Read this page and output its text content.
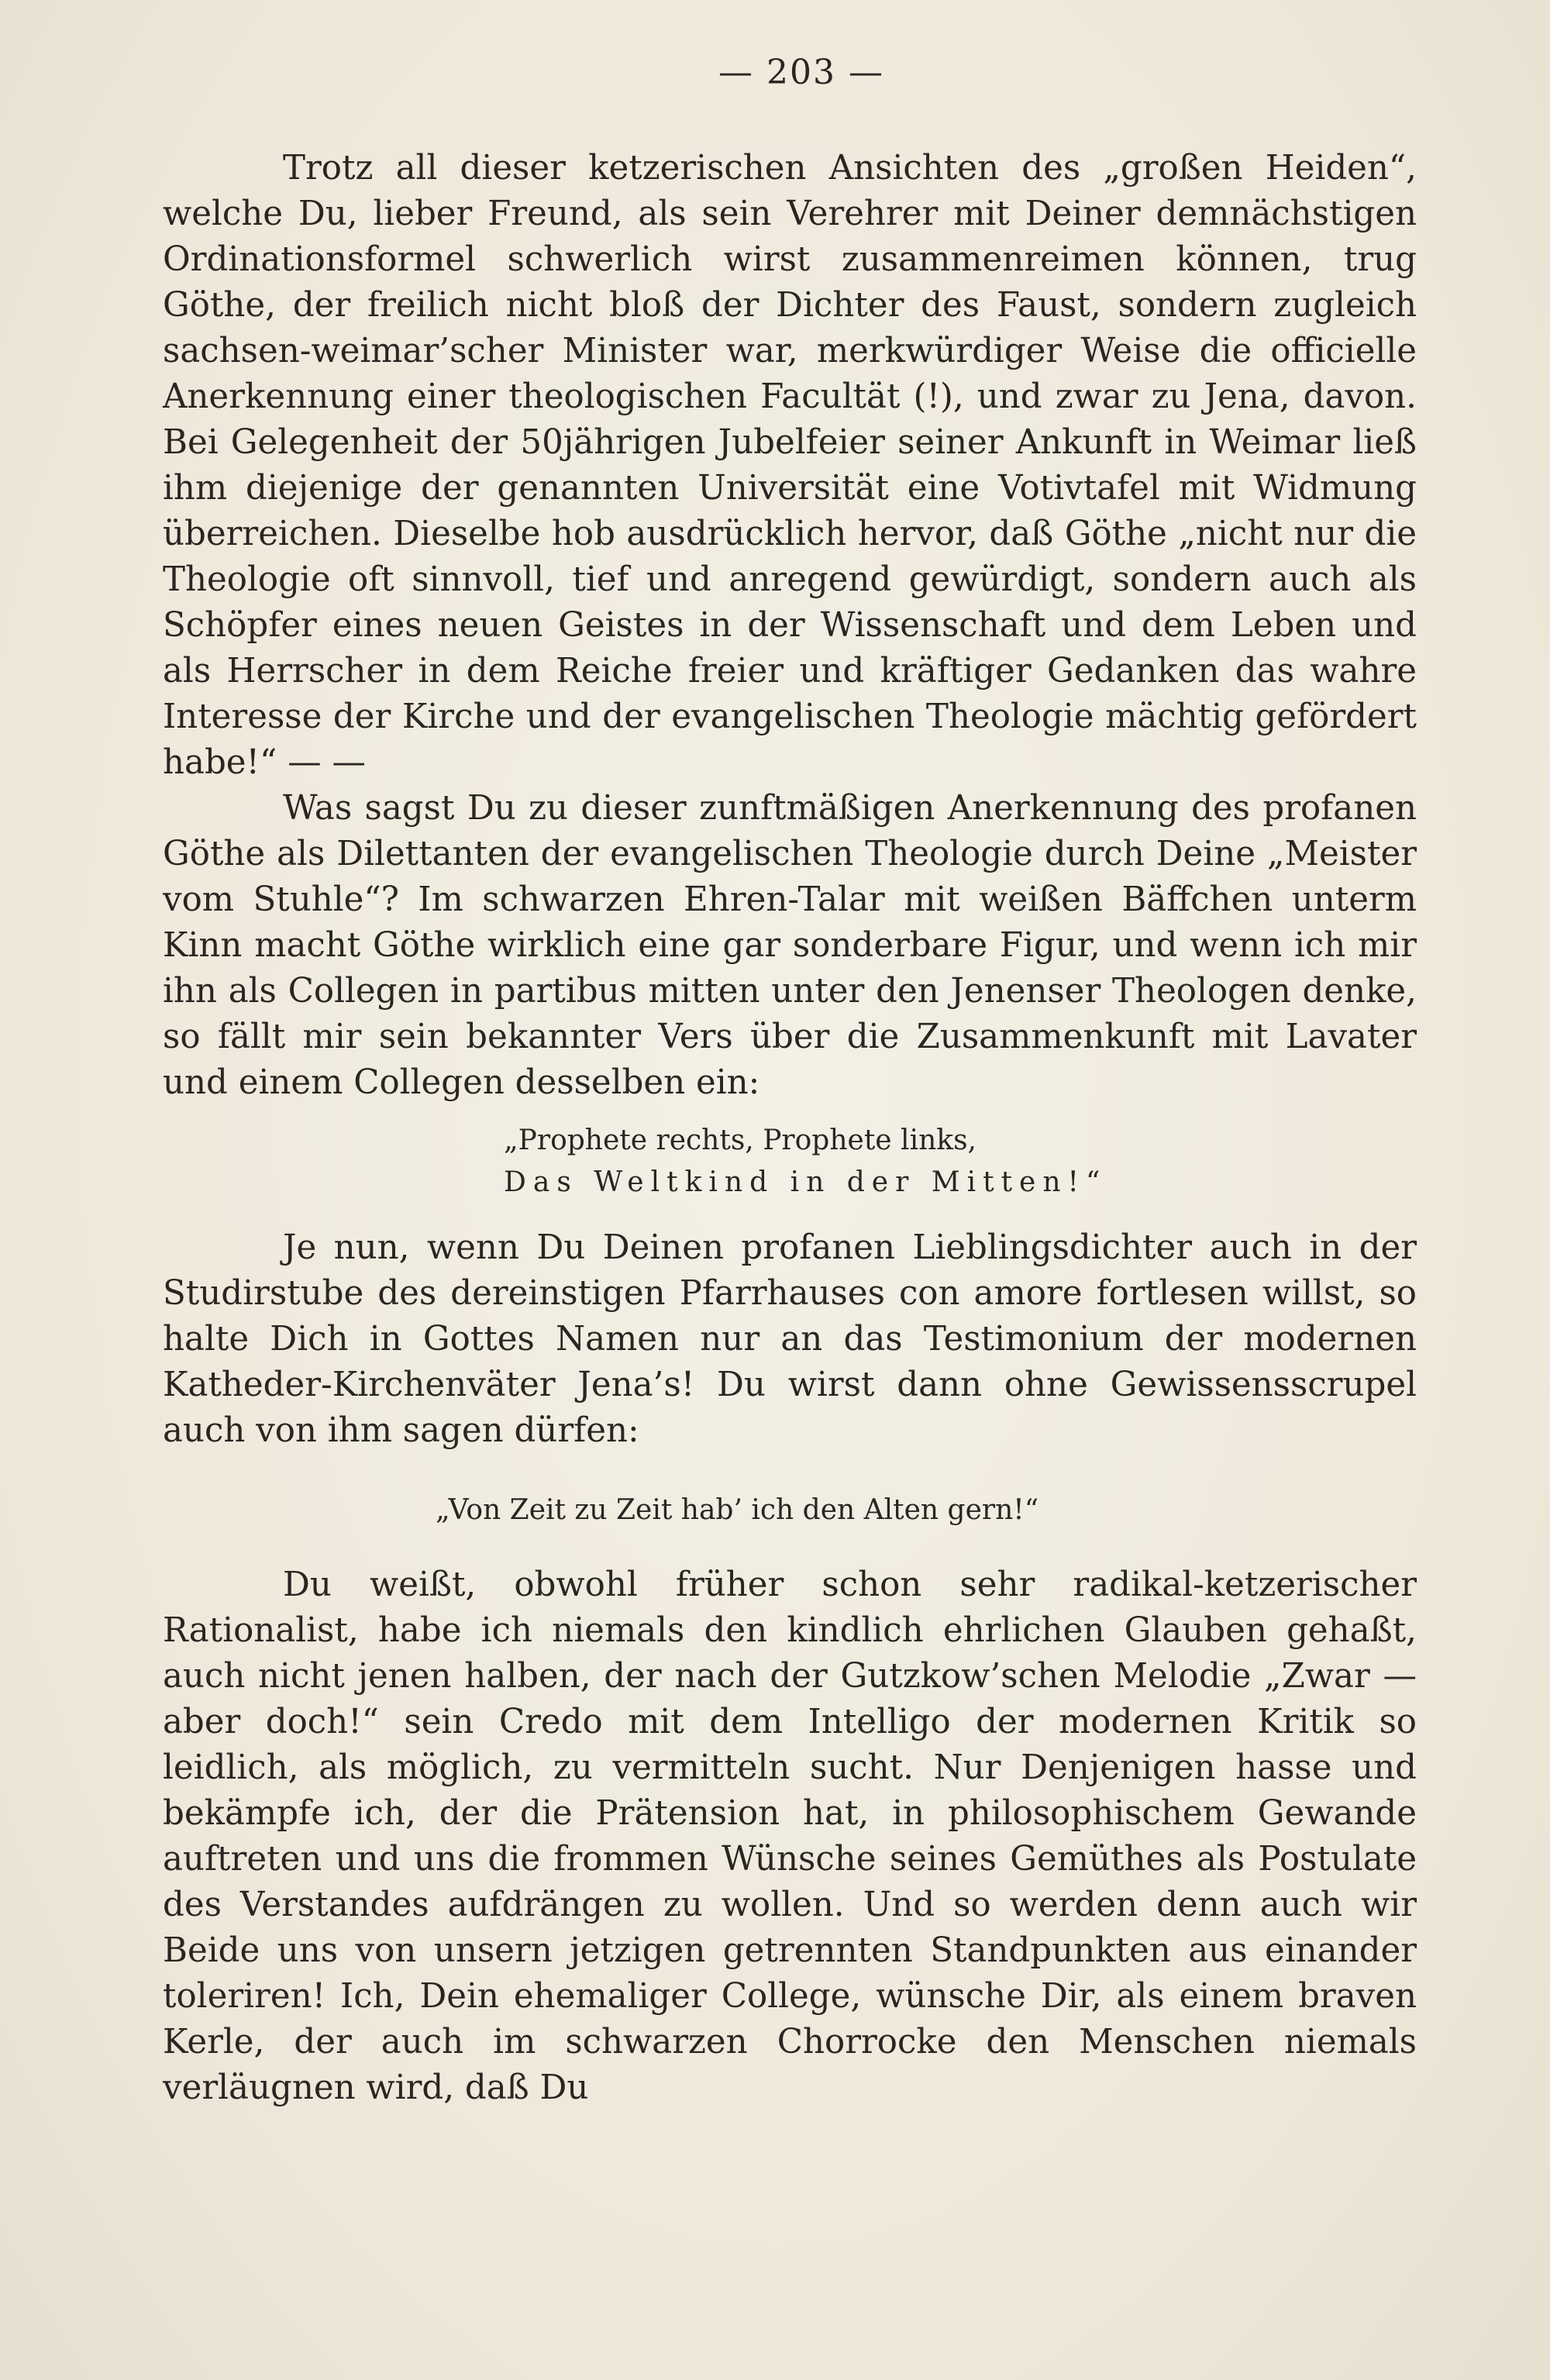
— 203 —

Trotz all dieser ketzerischen Ansichten des „großen Heiden“, welche Du, lieber Freund, als sein Verehrer mit Deiner demnächstigen Ordinationsformel schwerlich wirst zusammenreimen können, trug Göthe, der freilich nicht bloß der Dichter des Faust, sondern zugleich sachsen-weimar’scher Minister war, merkwürdiger Weise die officielle Anerkennung einer theologischen Facultät (!), und zwar zu Jena, davon. Bei Gelegenheit der 50jährigen Jubelfeier seiner Ankunft in Weimar ließ ihm diejenige der genannten Universität eine Votivtafel mit Widmung überreichen. Dieselbe hob ausdrücklich hervor, daß Göthe „nicht nur die Theologie oft sinnvoll, tief und anregend gewürdigt, sondern auch als Schöpfer eines neuen Geistes in der Wissenschaft und dem Leben und als Herrscher in dem Reiche freier und kräftiger Gedanken das wahre Interesse der Kirche und der evangelischen Theologie mächtig gefördert habe!“ — —

Was sagst Du zu dieser zunftmäßigen Anerkennung des profanen Göthe als Dilettanten der evangelischen Theologie durch Deine „Meister vom Stuhle“? Im schwarzen Ehren-Talar mit weißen Bäffchen unterm Kinn macht Göthe wirklich eine gar sonderbare Figur, und wenn ich mir ihn als Collegen in partibus mitten unter den Jenenser Theologen denke, so fällt mir sein bekannter Vers über die Zusammenkunft mit Lavater und einem Collegen desselben ein:

„Prophete rechts, Prophete links,
Das Weltkind in der Mitten!“

Je nun, wenn Du Deinen profanen Lieblingsdichter auch in der Studirstube des dereinstigen Pfarrhauses con amore fortlesen willst, so halte Dich in Gottes Namen nur an das Testimonium der modernen Katheder-Kirchenväter Jena’s! Du wirst dann ohne Gewissensscrupel auch von ihm sagen dürfen:

„Von Zeit zu Zeit hab’ ich den Alten gern!“

Du weißt, obwohl früher schon sehr radikal-ketzerischer Rationalist, habe ich niemals den kindlich ehrlichen Glauben gehaßt, auch nicht jenen halben, der nach der Gutzkow’schen Melodie „Zwar — aber doch!“ sein Credo mit dem Intelligo der modernen Kritik so leidlich, als möglich, zu vermitteln sucht. Nur Denjenigen hasse und bekämpfe ich, der die Prätension hat, in philosophischem Gewande auftreten und uns die frommen Wünsche seines Gemüthes als Postulate des Verstandes aufdrängen zu wollen. Und so werden denn auch wir Beide uns von unsern jetzigen getrennten Standpunkten aus einander toleriren! Ich, Dein ehemaliger College, wünsche Dir, als einem braven Kerle, der auch im schwarzen Chorrocke den Menschen niemals verläugnen wird, daß Du
